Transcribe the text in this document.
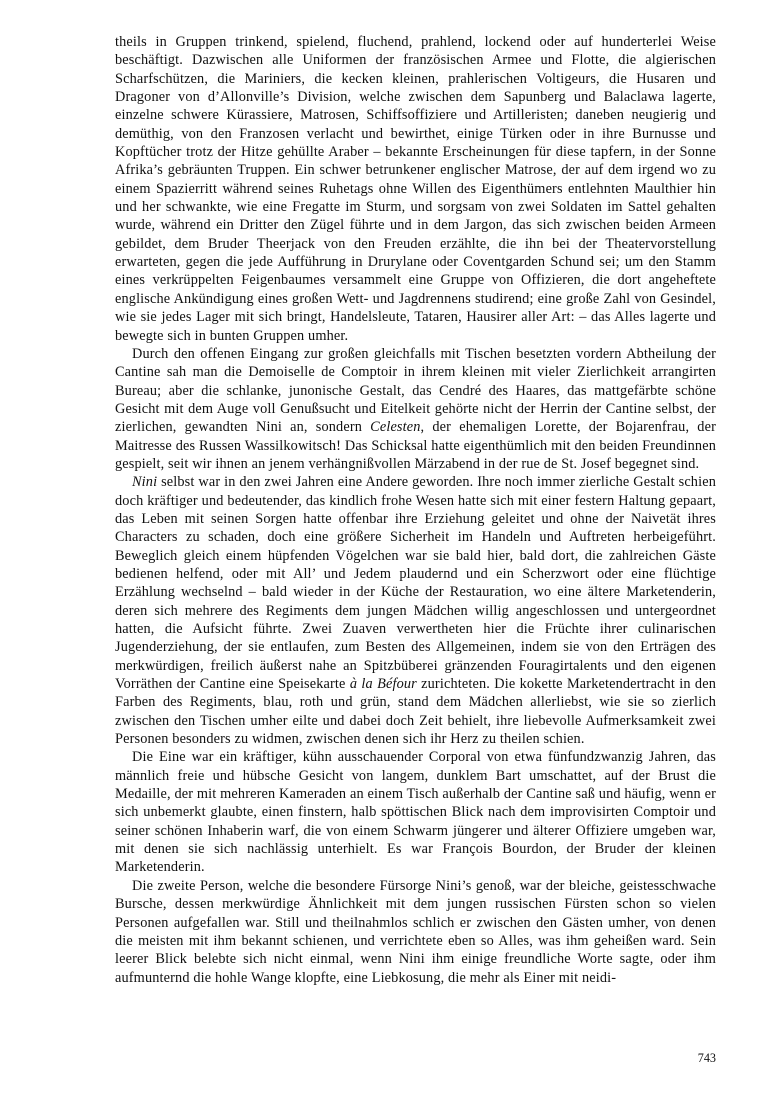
theils in Gruppen trinkend, spielend, fluchend, prahlend, lockend oder auf hunderterlei Weise beschäftigt. Dazwischen alle Uniformen der französischen Armee und Flotte, die algierischen Scharfschützen, die Mariniers, die kecken kleinen, prahlerischen Voltigeurs, die Husaren und Dragoner von d’Allonville’s Division, welche zwischen dem Sapunberg und Balaclawa lagerte, einzelne schwere Kürassiere, Matrosen, Schiffsoffiziere und Artilleristen; daneben neugierig und demüthig, von den Franzosen verlacht und bewirthet, einige Türken oder in ihre Burnusse und Kopftücher trotz der Hitze gehüllte Araber – bekannte Erscheinungen für diese tapfern, in der Sonne Afrika’s gebräunten Truppen. Ein schwer betrunkener englischer Matrose, der auf dem irgend wo zu einem Spazierritt während seines Ruhetags ohne Willen des Eigenthümers entlehnten Maulthier hin und her schwankte, wie eine Fregatte im Sturm, und sorgsam von zwei Soldaten im Sattel gehalten wurde, während ein Dritter den Zügel führte und in dem Jargon, das sich zwischen beiden Armeen gebildet, dem Bruder Theerjack von den Freuden erzählte, die ihn bei der Theatervorstellung erwarteten, gegen die jede Aufführung in Drurylane oder Coventgarden Schund sei; um den Stamm eines verkrüppelten Feigenbaumes versammelt eine Gruppe von Offizieren, die dort angeheftete englische Ankündigung eines großen Wett- und Jagdrennens studirend; eine große Zahl von Gesindel, wie sie jedes Lager mit sich bringt, Handelsleute, Tataren, Hausirer aller Art: – das Alles lagerte und bewegte sich in bunten Gruppen umher.

Durch den offenen Eingang zur großen gleichfalls mit Tischen besetzten vordern Abtheilung der Cantine sah man die Demoiselle de Comptoir in ihrem kleinen mit vieler Zierlichkeit arrangirten Bureau; aber die schlanke, junonische Gestalt, das Cendré des Haares, das mattgefärbte schöne Gesicht mit dem Auge voll Genußsucht und Eitelkeit gehörte nicht der Herrin der Cantine selbst, der zierlichen, gewandten Nini an, sondern Celesten, der ehemaligen Lorette, der Bojarenfrau, der Maitresse des Russen Wassilkowitsch! Das Schicksal hatte eigenthümlich mit den beiden Freundinnen gespielt, seit wir ihnen an jenem verhängnißvollen Märzabend in der rue de St. Josef begegnet sind.

Nini selbst war in den zwei Jahren eine Andere geworden. Ihre noch immer zierliche Gestalt schien doch kräftiger und bedeutender, das kindlich frohe Wesen hatte sich mit einer festern Haltung gepaart, das Leben mit seinen Sorgen hatte offenbar ihre Erziehung geleitet und ohne der Naivetät ihres Characters zu schaden, doch eine größere Sicherheit im Handeln und Auftreten herbeigeführt. Beweglich gleich einem hüpfenden Vögelchen war sie bald hier, bald dort, die zahlreichen Gäste bedienen helfend, oder mit All’ und Jedem plaudernd und ein Scherzwort oder eine flüchtige Erzählung wechselnd – bald wieder in der Küche der Restauration, wo eine ältere Marketenderin, deren sich mehrere des Regiments dem jungen Mädchen willig angeschlossen und untergeordnet hatten, die Aufsicht führte. Zwei Zuaven verwertheten hier die Früchte ihrer culinarischen Jugenderziehung, der sie entlaufen, zum Besten des Allgemeinen, indem sie von den Erträgen des merkwürdigen, freilich äußerst nahe an Spitzbüberei gränzenden Fouragirtalents und den eigenen Vorräthen der Cantine eine Speisekarte à la Béfour zurichteten. Die kokette Marketendertracht in den Farben des Regiments, blau, roth und grün, stand dem Mädchen allerliebst, wie sie so zierlich zwischen den Tischen umher eilte und dabei doch Zeit behielt, ihre liebevolle Aufmerksamkeit zwei Personen besonders zu widmen, zwischen denen sich ihr Herz zu theilen schien.

Die Eine war ein kräftiger, kühn ausschauender Corporal von etwa fünfundzwanzig Jahren, das männlich freie und hübsche Gesicht von langem, dunklem Bart umschattet, auf der Brust die Medaille, der mit mehreren Kameraden an einem Tisch außerhalb der Cantine saß und häufig, wenn er sich unbemerkt glaubte, einen finstern, halb spöttischen Blick nach dem improvisirten Comptoir und seiner schönen Inhaberin warf, die von einem Schwarm jüngerer und älterer Offiziere umgeben war, mit denen sie sich nachlässig unterhielt. Es war François Bourdon, der Bruder der kleinen Marketenderin.

Die zweite Person, welche die besondere Fürsorge Nini’s genoß, war der bleiche, geistesschwache Bursche, dessen merkwürdige Ähnlichkeit mit dem jungen russischen Fürsten schon so vielen Personen aufgefallen war. Still und theilnahmlos schlich er zwischen den Gästen umher, von denen die meisten mit ihm bekannt schienen, und verrichtete eben so Alles, was ihm geheißen ward. Sein leerer Blick belebte sich nicht einmal, wenn Nini ihm einige freundliche Worte sagte, oder ihm aufmunternd die hohle Wange klopfte, eine Liebkosung, die mehr als Einer mit neidi-

743
